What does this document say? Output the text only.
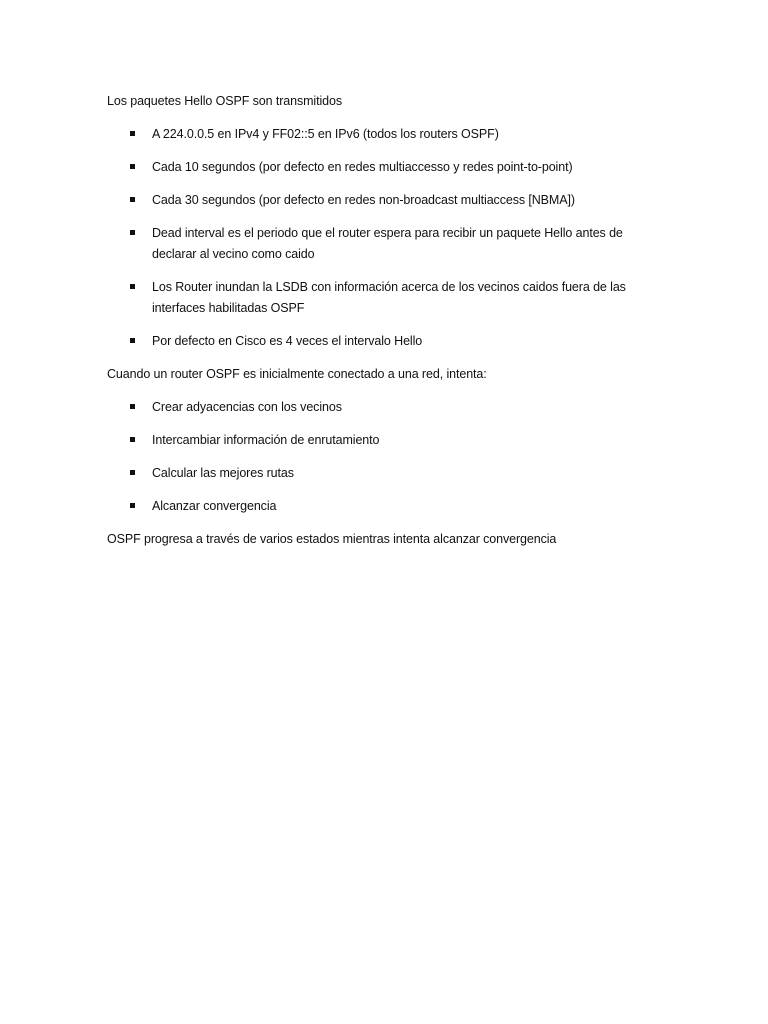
Los paquetes Hello OSPF son transmitidos

A 224.0.0.5 en IPv4 y FF02::5 en IPv6 (todos los routers OSPF)
Cada 10 segundos (por defecto en redes multiaccesso y redes point-to-point)
Cada 30 segundos (por defecto en redes non-broadcast multiaccess [NBMA])
Dead interval es el periodo que el router espera para recibir un paquete Hello antes de declarar al vecino como caido
Los Router inundan la LSDB con información acerca de los vecinos caidos fuera de las interfaces habilitadas OSPF
Por defecto en Cisco es 4 veces el intervalo Hello

Cuando un router OSPF es inicialmente conectado a una red, intenta:

Crear adyacencias con los vecinos
Intercambiar información de enrutamiento
Calcular las mejores rutas
Alcanzar convergencia

OSPF progresa a través de varios estados mientras intenta alcanzar convergencia
